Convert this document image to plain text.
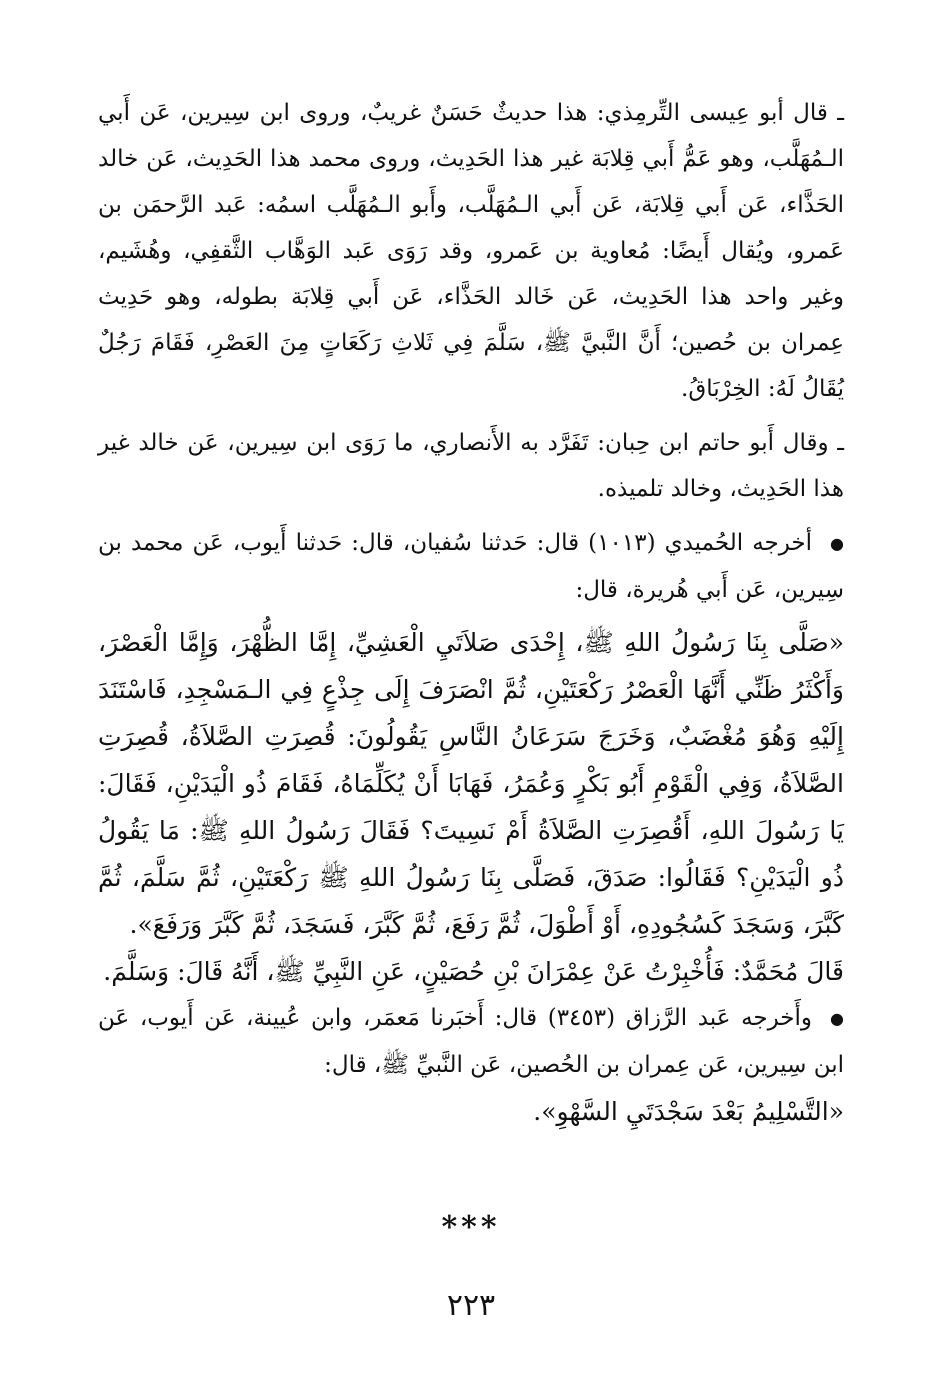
ـ قال أبو عِيسى التِّرمِذي: هذا حديثٌ حَسَنٌ غريبٌ، وروى ابن سِيرين، عَن أَبي الـمُهَلَّب، وهو عَمُّ أَبي قِلابَة غير هذا الحَدِيث، وروى محمد هذا الحَدِيث، عَن خالد الحَذَّاء، عَن أَبي قِلابَة، عَن أَبي الـمُهَلَّب، وأَبو الـمُهَلَّب اسمُه: عَبد الرَّحمَن بن عَمرو، ويُقال أَيضًا: مُعاوية بن عَمرو، وقد رَوَى عَبد الوَهَّاب الثَّقفِي، وهُشَيم، وغير واحد هذا الحَدِيث، عَن خَالد الحَذَّاء، عَن أَبي قِلابَة بطوله، وهو حَدِيث عِمران بن حُصين؛ أَنَّ النَّبيَّ ﷺ، سَلَّمَ فِي ثَلاثِ رَكَعَاتٍ مِنَ العَصْرِ، فَقَامَ رَجُلٌ يُقَالُ لَهُ: الخِرْبَاقُ.

ـ وقال أَبو حاتم ابن حِبان: تَفَرَّد به الأَنصاري، ما رَوَى ابن سِيرين، عَن خالد غير هذا الحَدِيث، وخالد تلميذه.

●أخرجه الحُميدي (١٠١٣) قال: حَدثنا سُفيان، قال: حَدثنا أَيوب، عَن محمد بن سِيرين، عَن أَبي هُريرة، قال:

«صَلَّى بِنَا رَسُولُ اللهِ ﷺ، إِحْدَى صَلاَتَيِ الْعَشِيِّ، إِمَّا الظُّهْرَ، وَإِمَّا الْعَصْرَ، وَأَكْثَرُ ظَنِّي أَنَّهَا الْعَصْرُ رَكْعَتَيْنِ، ثُمَّ انْصَرَفَ إِلَى جِذْعٍ فِي الـمَسْجِدِ، فَاسْتَنَدَ إِلَيْهِ وَهُوَ مُغْضَبٌ، وَخَرَجَ سَرَعَانُ النَّاسِ يَقُولُونَ: قُصِرَتِ الصَّلاَةُ، قُصِرَتِ الصَّلاَةُ، وَفِي الْقَوْمِ أَبُو بَكْرٍ وَعُمَرُ، فَهَابَا أَنْ يُكَلِّمَاهُ، فَقَامَ ذُو الْيَدَيْنِ، فَقَالَ: يَا رَسُولَ اللهِ، أَقُصِرَتِ الصَّلاَةُ أَمْ نَسِيتَ؟ فَقَالَ رَسُولُ اللهِ ﷺ: مَا يَقُولُ ذُو الْيَدَيْنِ؟ فَقَالُوا: صَدَقَ، فَصَلَّى بِنَا رَسُولُ اللهِ ﷺ رَكْعَتَيْنِ، ثُمَّ سَلَّمَ، ثُمَّ كَبَّرَ، وَسَجَدَ كَسُجُودِهِ، أَوْ أَطْوَلَ، ثُمَّ رَفَعَ، ثُمَّ كَبَّرَ، فَسَجَدَ، ثُمَّ كَبَّرَ وَرَفَعَ».

قَالَ مُحَمَّدٌ: فَأُخْبِرْتُ عَنْ عِمْرَانَ بْنِ حُصَيْنٍ، عَنِ النَّبِيِّ ﷺ، أَنَّهُ قَالَ: وَسَلَّمَ.

●وأَخرجه عَبد الرَّزاق (٣٤٥٣) قال: أَخبَرنا مَعمَر، وابن عُيينة، عَن أَيوب، عَن ابن سِيرين، عَن عِمران بن الحُصين، عَن النَّبيِّ ﷺ، قال:

«التَّسْلِيمُ بَعْدَ سَجْدَتَيِ السَّهْوِ».

***
٢٢٣
